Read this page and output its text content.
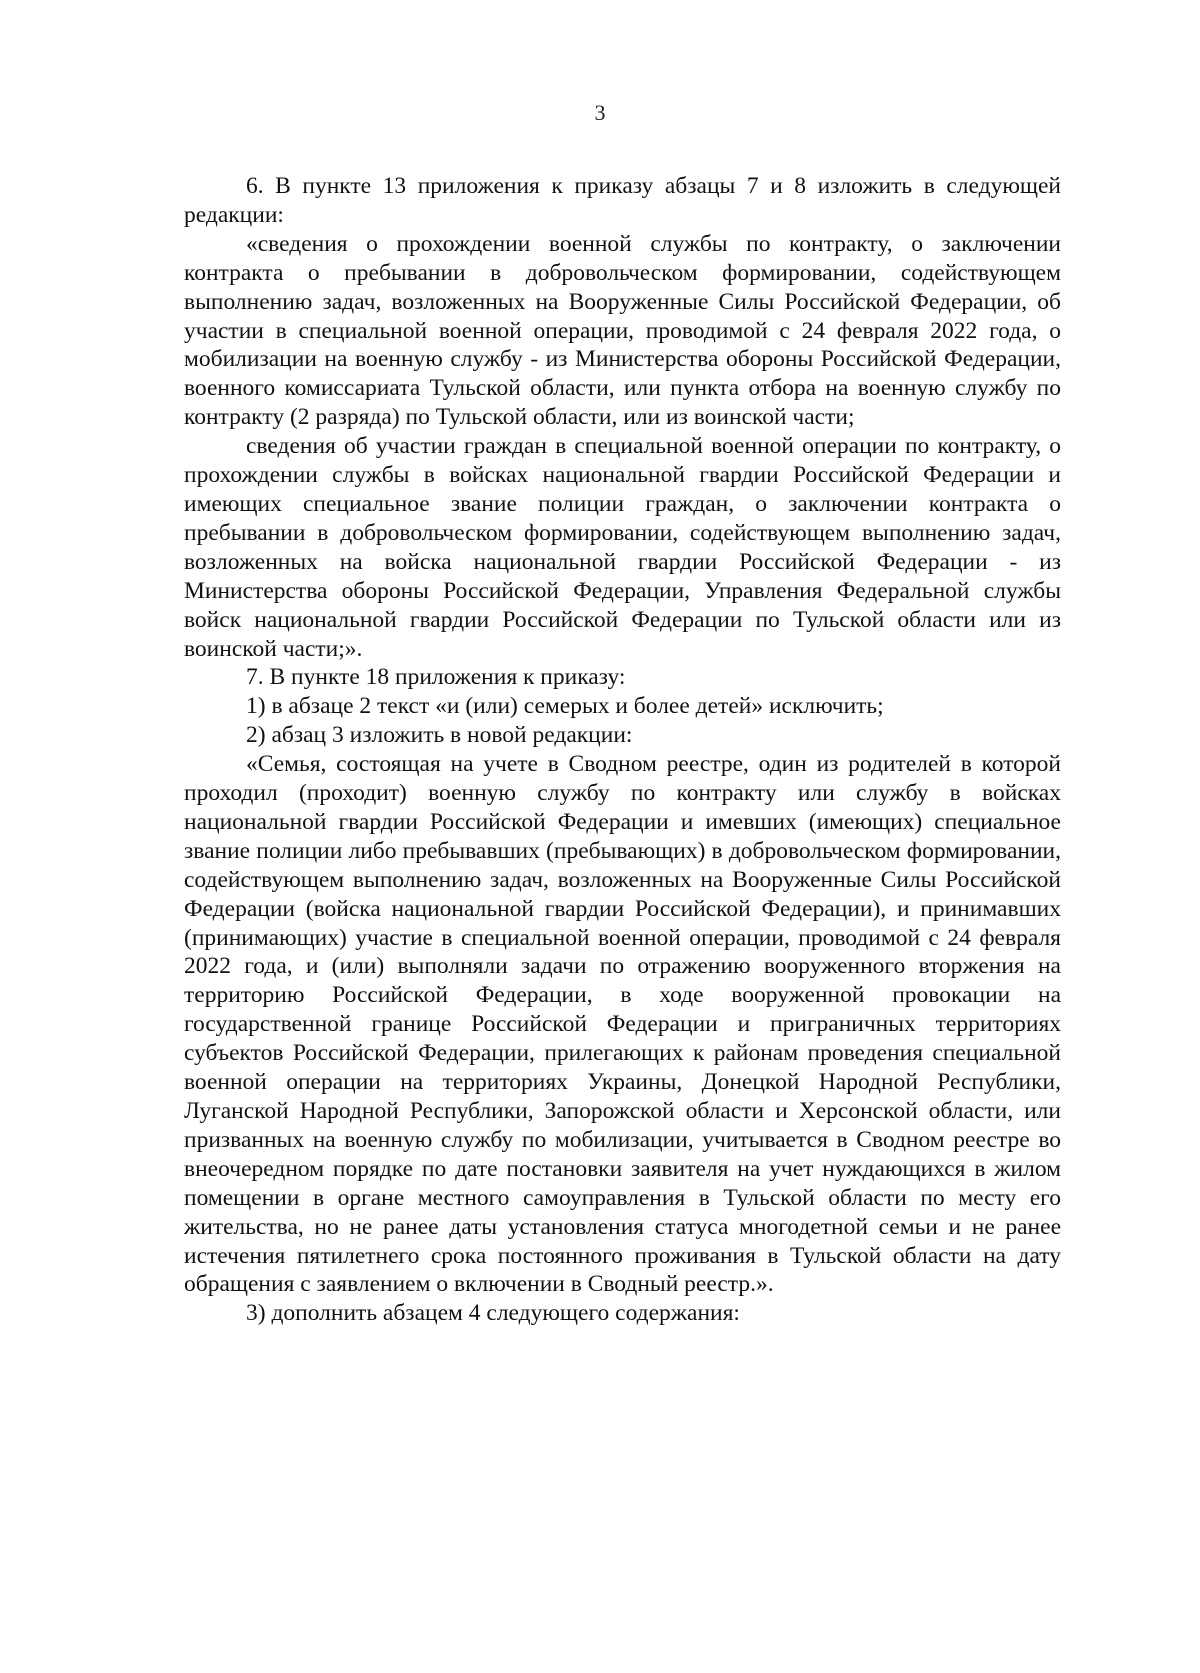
3

6. В пункте 13 приложения к приказу абзацы 7 и 8 изложить в следующей редакции:

«сведения о прохождении военной службы по контракту, о заключении контракта о пребывании в добровольческом формировании, содействующем выполнению задач, возложенных на Вооруженные Силы Российской Федерации, об участии в специальной военной операции, проводимой с 24 февраля 2022 года, о мобилизации на военную службу - из Министерства обороны Российской Федерации, военного комиссариата Тульской области, или пункта отбора на военную службу по контракту (2 разряда) по Тульской области, или из воинской части;

сведения об участии граждан в специальной военной операции по контракту, о прохождении службы в войсках национальной гвардии Российской Федерации и имеющих специальное звание полиции граждан, о заключении контракта о пребывании в добровольческом формировании, содействующем выполнению задач, возложенных на войска национальной гвардии Российской Федерации - из Министерства обороны Российской Федерации, Управления Федеральной службы войск национальной гвардии Российской Федерации по Тульской области или из воинской части;».

7. В пункте 18 приложения к приказу:

1) в абзаце 2 текст «и (или) семерых и более детей» исключить;

2) абзац 3 изложить в новой редакции:

«Семья, состоящая на учете в Сводном реестре, один из родителей в которой проходил (проходит) военную службу по контракту или службу в войсках национальной гвардии Российской Федерации и имевших (имеющих) специальное звание полиции либо пребывавших (пребывающих) в добровольческом формировании, содействующем выполнению задач, возложенных на Вооруженные Силы Российской Федерации (войска национальной гвардии Российской Федерации), и принимавших (принимающих) участие в специальной военной операции, проводимой с 24 февраля 2022 года, и (или) выполняли задачи по отражению вооруженного вторжения на территорию Российской Федерации, в ходе вооруженной провокации на государственной границе Российской Федерации и приграничных территориях субъектов Российской Федерации, прилегающих к районам проведения специальной военной операции на территориях Украины, Донецкой Народной Республики, Луганской Народной Республики, Запорожской области и Херсонской области, или призванных на военную службу по мобилизации, учитывается в Сводном реестре во внеочередном порядке по дате постановки заявителя на учет нуждающихся в жилом помещении в органе местного самоуправления в Тульской области по месту его жительства, но не ранее даты установления статуса многодетной семьи и не ранее истечения пятилетнего срока постоянного проживания в Тульской области на дату обращения с заявлением о включении в Сводный реестр.».

3) дополнить абзацем 4 следующего содержания:
